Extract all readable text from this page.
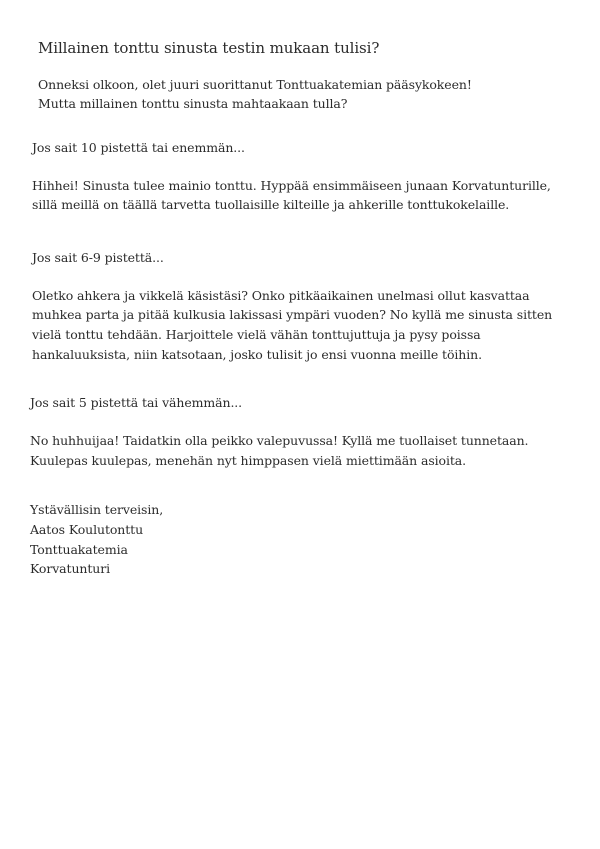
Millainen tonttu sinusta testin mukaan tulisi?
Onneksi olkoon, olet juuri suorittanut Tonttuakatemian pääsykokeen!
Mutta millainen tonttu sinusta mahtaakaan tulla?
Jos sait 10 pistettä tai enemmän...
Hihhei! Sinusta tulee mainio tonttu. Hyppää ensimmäiseen junaan Korvatunturille,
sillä meillä on täällä tarvetta tuollaisille kilteille ja ahkerille tonttukokelaille.
Jos sait 6-9 pistettä...
Oletko ahkera ja vikkelä käsistäsi? Onko pitkäaikainen unelmasi ollut kasvattaa
muhkea parta ja pitää kulkusia lakissasi ympäri vuoden? No kyllä me sinusta sitten
vielä tonttu tehdään. Harjoittele vielä vähän tonttujuttuja ja pysy poissa
hankaluuksista, niin katsotaan, josko tulisit jo ensi vuonna meille töihin.
Jos sait 5 pistettä tai vähemmän...
No huhhuijaa! Taidatkin olla peikko valepuvussa! Kyllä me tuollaiset tunnetaan.
Kuulepas kuulepas, menehän nyt himppasen vielä miettimään asioita.
Ystävällisin terveisin,
Aatos Koulutonttu
Tonttuakatemia
Korvatunturi
